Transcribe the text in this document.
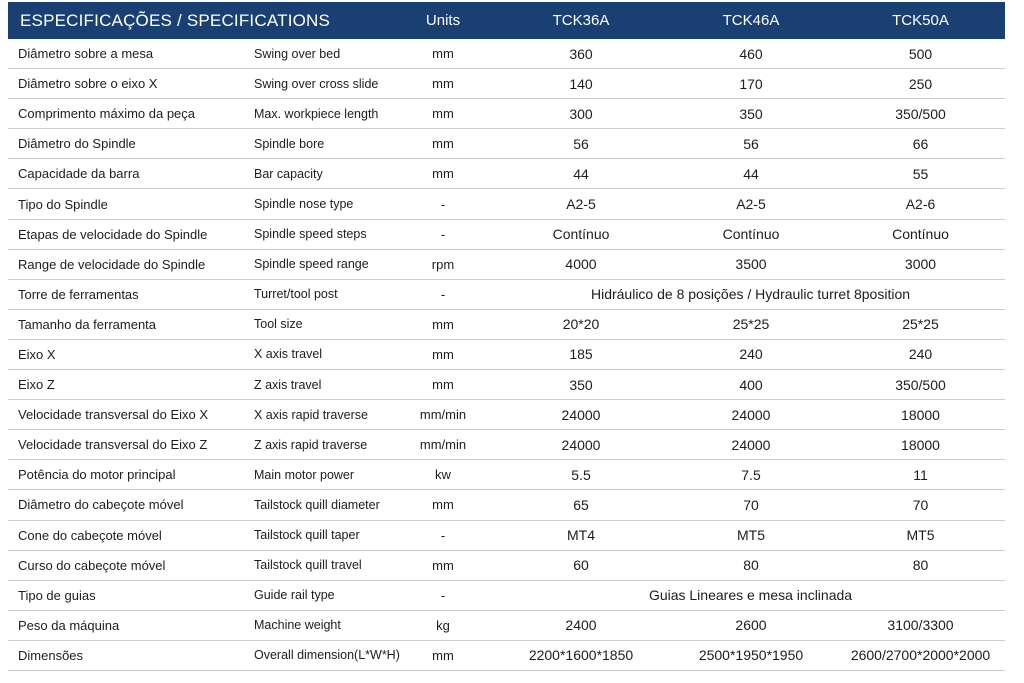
ESPECIFICAÇÕES / SPECIFICATIONS	Units	TCK36A	TCK46A	TCK50A
Diâmetro sobre a mesa	Swing over bed	mm	360	460	500
Diâmetro sobre o eixo X	Swing over cross slide	mm	140	170	250
Comprimento máximo da peça	Max. workpiece length	mm	300	350	350/500
Diâmetro do Spindle	Spindle bore	mm	56	56	66
Capacidade da barra	Bar capacity	mm	44	44	55
Tipo do Spindle	Spindle nose type	-	A2-5	A2-5	A2-6
Etapas de velocidade do Spindle	Spindle speed steps	-	Contínuo	Contínuo	Contínuo
Range de velocidade do Spindle	Spindle speed range	rpm	4000	3500	3000
Torre de ferramentas	Turret/tool post	-	Hidráulico de 8 posições / Hydraulic turret 8position
Tamanho da ferramenta	Tool size	mm	20*20	25*25	25*25
Eixo X	X axis travel	mm	185	240	240
Eixo Z	Z axis travel	mm	350	400	350/500
Velocidade transversal do Eixo X	X axis rapid traverse	mm/min	24000	24000	18000
Velocidade transversal do Eixo Z	Z axis rapid traverse	mm/min	24000	24000	18000
Potência do motor principal	Main motor power	kw	5.5	7.5	11
Diâmetro do cabeçote móvel	Tailstock quill diameter	mm	65	70	70
Cone do cabeçote móvel	Tailstock quill taper	-	MT4	MT5	MT5
Curso do cabeçote móvel	Tailstock quill travel	mm	60	80	80
Tipo de guias	Guide rail type	-	Guias Lineares e mesa inclinada
Peso da máquina	Machine weight	kg	2400	2600	3100/3300
Dimensões	Overall dimension(L*W*H)	mm	2200*1600*1850	2500*1950*1950	2600/2700*2000*2000
